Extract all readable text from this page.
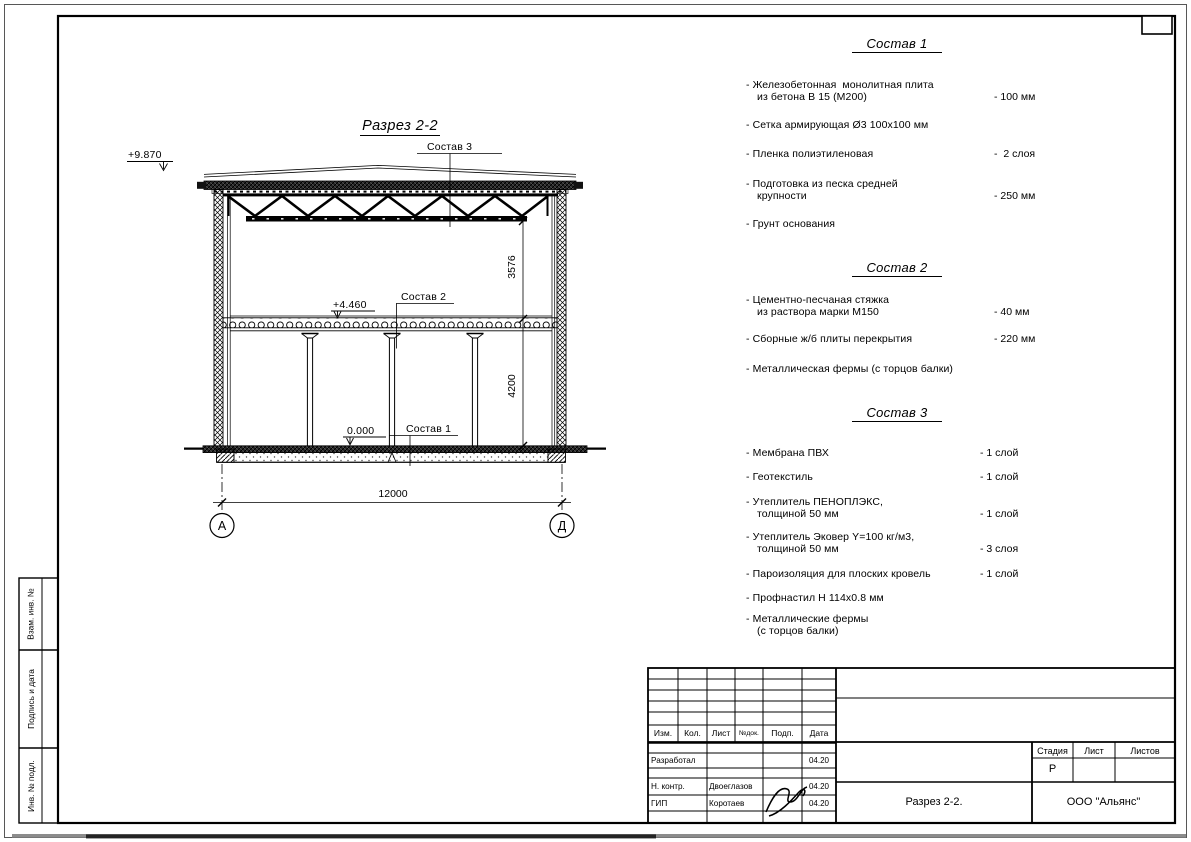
А	Д
Разрез 2-2
+9.870
Состав 3
+4.460
Состав 2
0.000	Состав 1
3576
4200
12000
Состав 1
Состав 2
Состав 3
Изм.	Кол.	Лист	№док.	Подп.	Дата
Разработал	04.20
Н. контр.	Двоеглазов	04.20
ГИП	Коротаев	04.20
Стадия	Лист	Листов
Р
Разрез 2-2.	ООО "Альянс"
Взам. инв. №
Подпись и дата
Инв. № подл.
- Железобетонная  монолитная плита
из бетона В 15 (М200)	- 100 мм
- Сетка армирующая Ø3 100х100 мм
- Пленка полиэтиленовая	-  2 слоя
- Подготовка из песка средней
крупности	- 250 мм
- Грунт основания
- Цементно-песчаная стяжка
из раствора марки М150	- 40 мм
- Сборные ж/б плиты перекрытия	- 220 мм
- Металлическая фермы (с торцов балки)
- Мембрана ПВХ	- 1 слой
- Геотекстиль	- 1 слой
- Утеплитель ПЕНОПЛЭКС,
толщиной 50 мм	- 1 слой
- Утеплитель Эковер Y=100 кг/м3,
толщиной 50 мм	- 3 слоя
- Пароизоляция для плоских кровель	- 1 слой
- Профнастил Н 114х0.8 мм
- Металлические фермы
(с торцов балки)
